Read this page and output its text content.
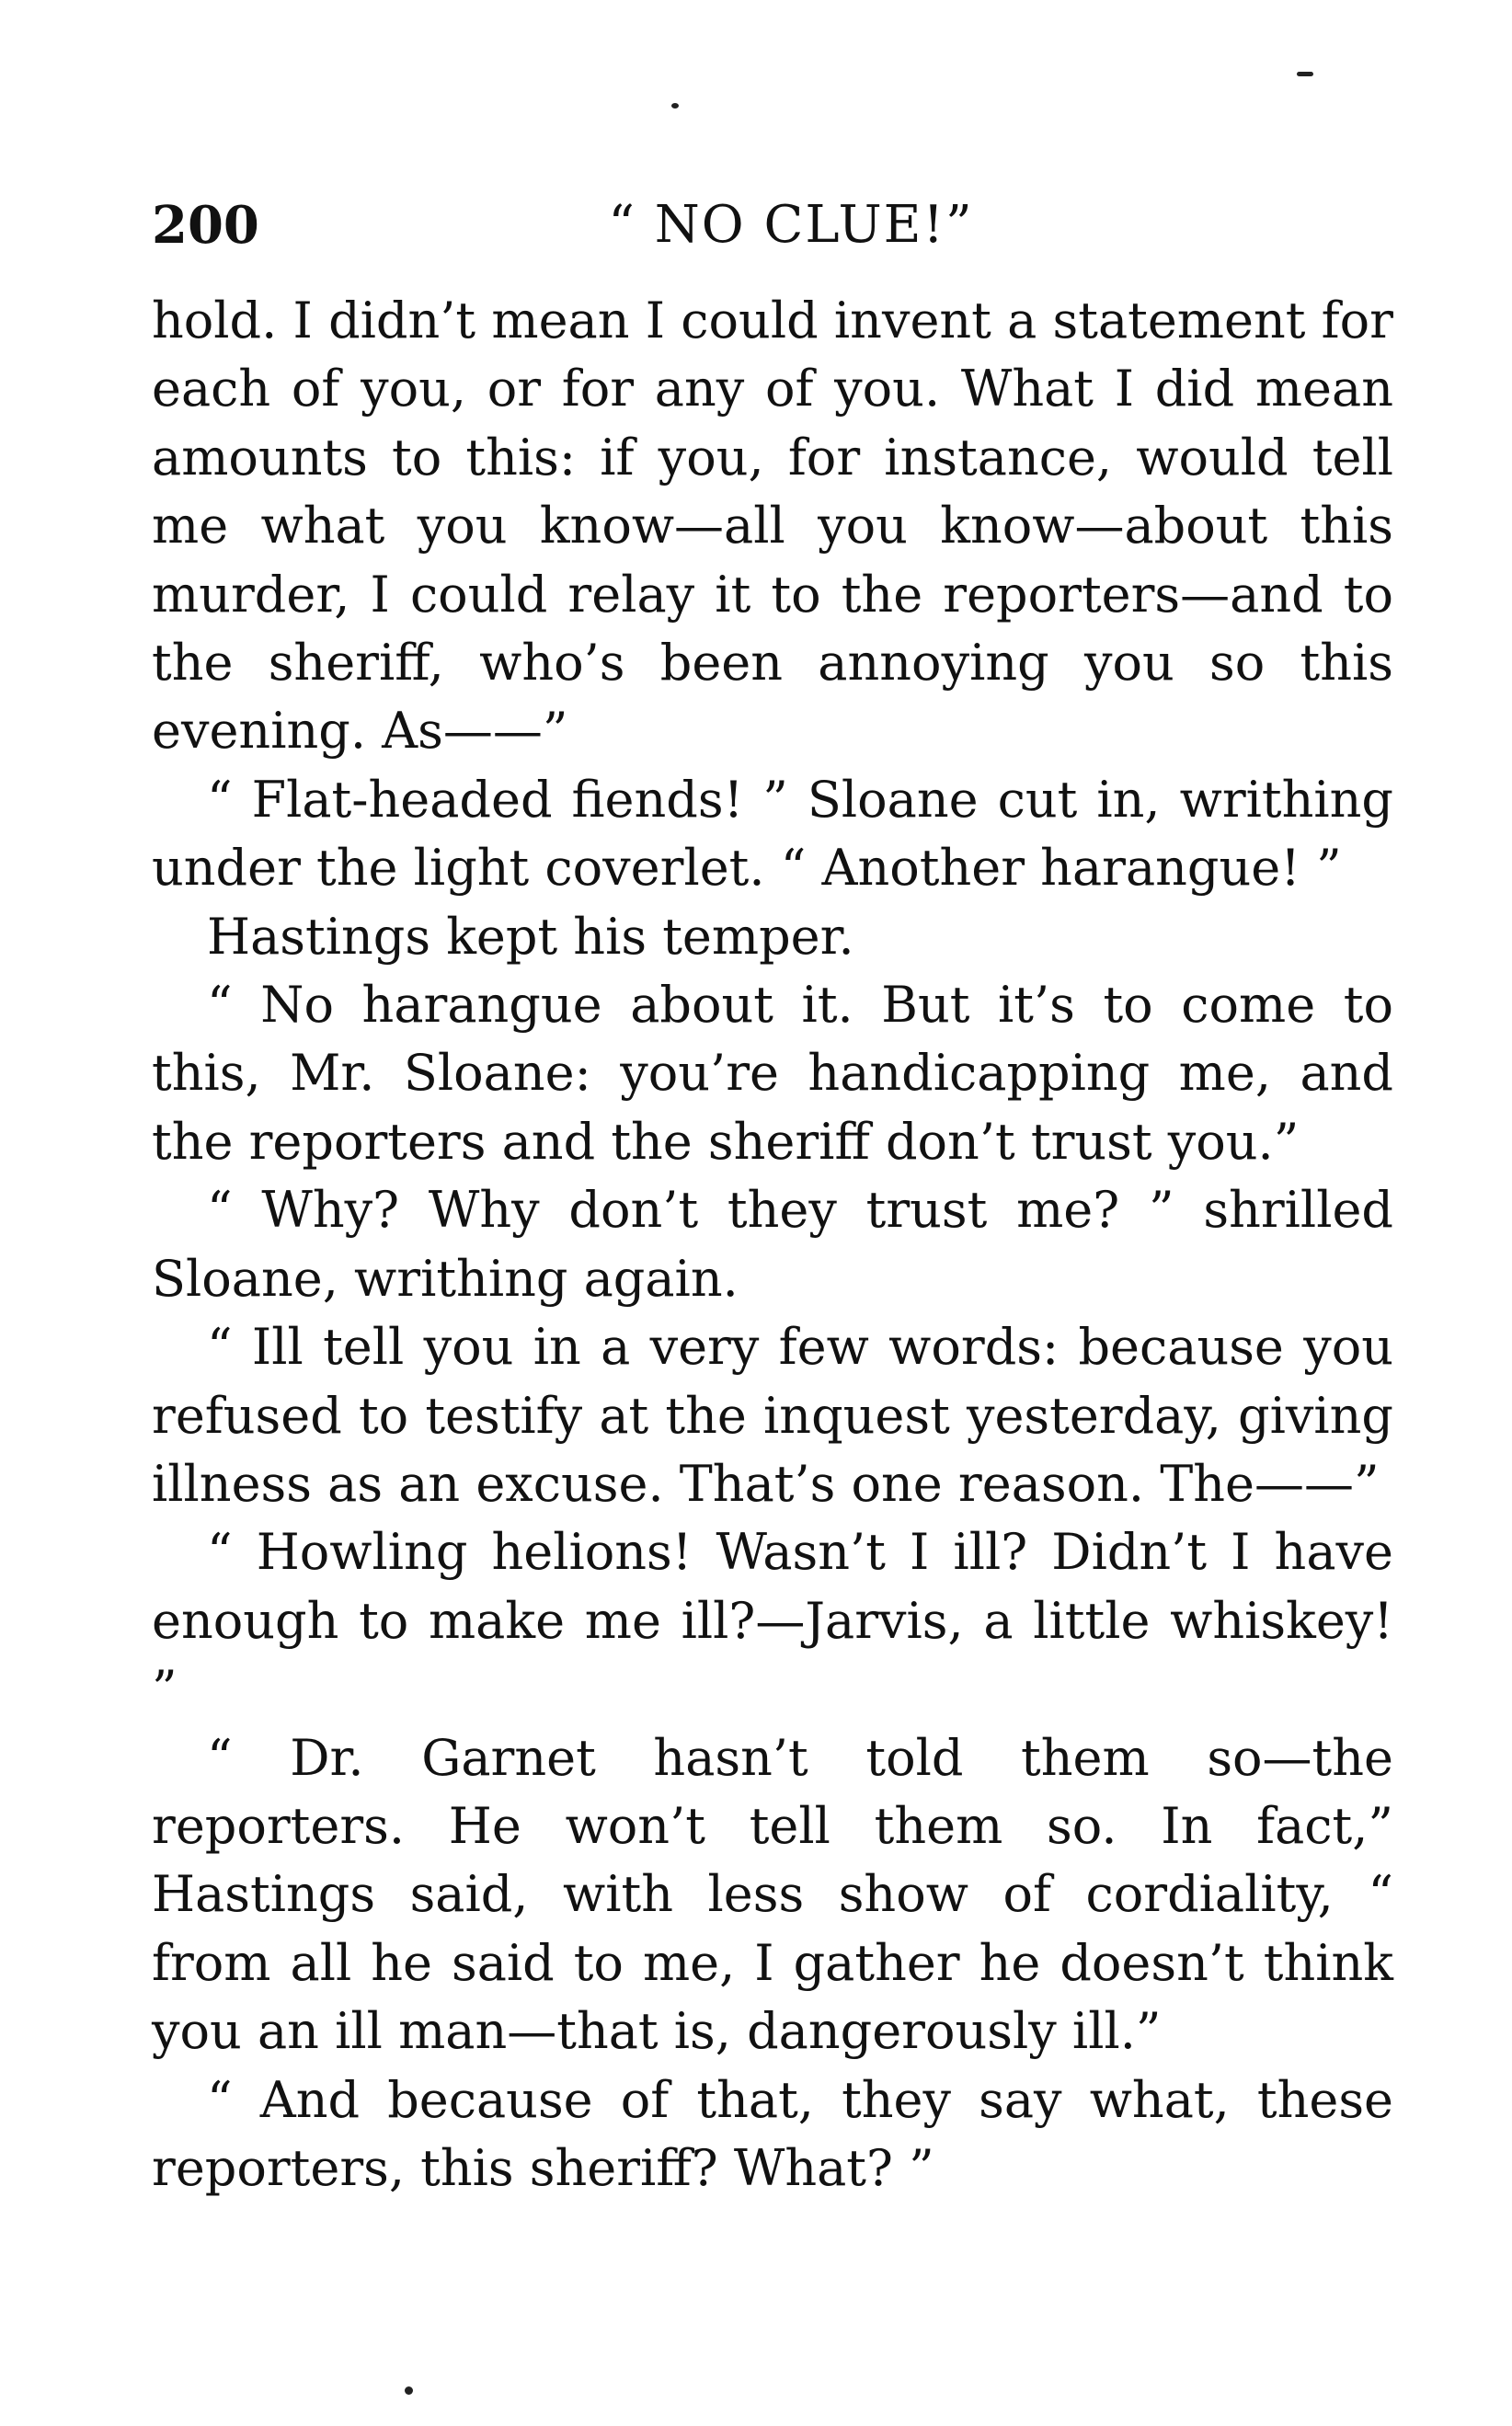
200	“ NO CLUE!”

hold. I didn’t mean I could invent a statement for each of you, or for any of you. What I did mean amounts to this: if you, for instance, would tell me what you know—all you know—about this murder, I could relay it to the reporters—and to the sheriff, who’s been annoying you so this evening. As——”

“ Flat-headed fiends! ” Sloane cut in, writhing under the light coverlet. “ Another harangue! ”

Hastings kept his temper.

“ No harangue about it. But it’s to come to this, Mr. Sloane: you’re handicapping me, and the reporters and the sheriff don’t trust you.”

“ Why? Why don’t they trust me? ” shrilled Sloane, writhing again.

“ Ill tell you in a very few words: because you refused to testify at the inquest yesterday, giving illness as an excuse. That’s one reason. The——”

“ Howling helions! Wasn’t I ill? Didn’t I have enough to make me ill?—Jarvis, a little whiskey! ”

“ Dr. Garnet hasn’t told them so—the reporters. He won’t tell them so. In fact,” Hastings said, with less show of cordiality, “ from all he said to me, I gather he doesn’t think you an ill man—that is, dangerously ill.”

“ And because of that, they say what, these reporters, this sheriff? What? ”
